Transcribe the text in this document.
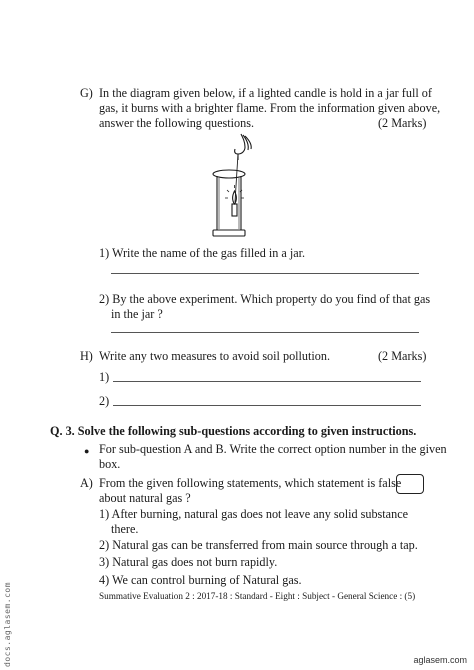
G) In the diagram given below, if a lighted candle is hold in a jar full of
gas, it burns with a brighter flame. From the information given above,
answer the following questions.	(2 Marks)
1) Write the name of the gas filled in a jar.
2) By the above experiment. Which property do you find of that gas
in the jar ?
H) Write any two measures to avoid soil pollution.	(2 Marks)
1)
2)
Q. 3. Solve the following sub-questions according to given instructions.
● For sub-question A and B. Write the correct option number in the given
box.
A) From the given following statements, which statement is false
about natural gas ?
1) After burning, natural gas does not leave any solid substance
there.
2) Natural gas can be transferred from main source through a tap.
3) Natural gas does not burn rapidly.
4) We can control burning of Natural gas.
Summative Evaluation 2 : 2017-18 : Standard - Eight : Subject - General Science : (5)
docs.aglasem.com	aglasem.com
